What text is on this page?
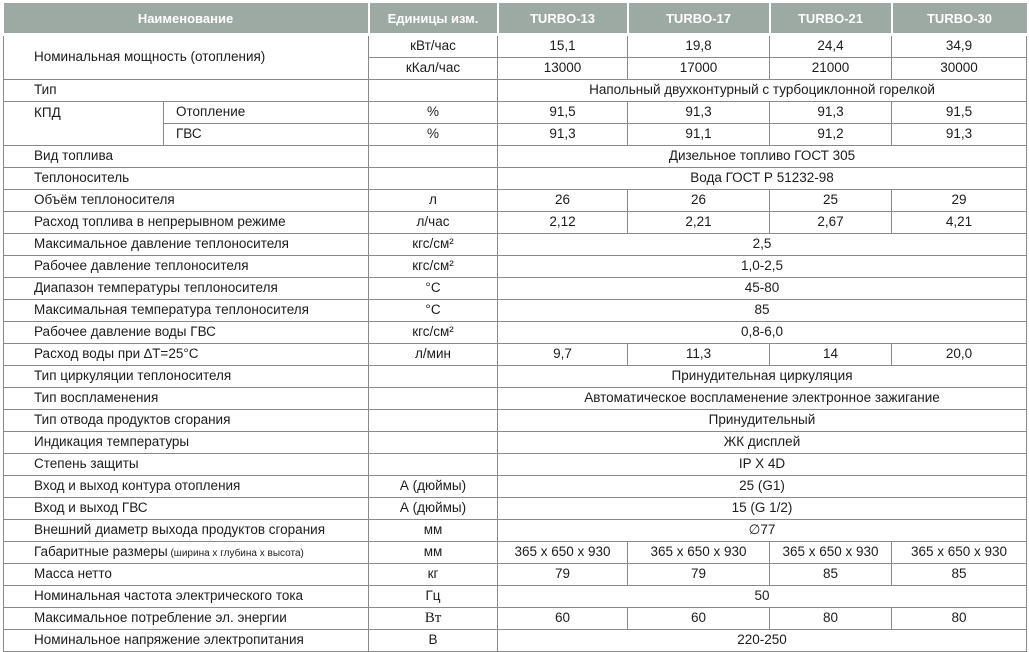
Наименование		Единицы изм.	TURBO-13	TURBO-17	TURBO-21	TURBO-30
Номинальная мощность (отопления)		кВт/час	15,1	19,8	24,4	34,9
		кКал/час	13000	17000	21000	30000
Тип			Напольный двухконтурный с турбоциклонной горелкой			
КПД	Отопление	%	91,5	91,3	91,3	91,5
	ГВС	%	91,3	91,1	91,2	91,3
Вид топлива			Дизельное топливо ГОСТ 305			
Теплоноситель			Вода ГОСТ Р 51232-98			
Объём теплоносителя		л	26	26	25	29
Расход топлива в непрерывном режиме		л/час	2,12	2,21	2,67	4,21
Максимальное давление теплоносителя		кгс/см²	2,5			
Рабочее давление теплоносителя		кгс/см²	1,0-2,5			
Диапазон температуры теплоносителя		°С	45-80			
Максимальная температура теплоносителя		°С	85			
Рабочее давление воды ГВС		кгс/см²	0,8-6,0			
Расход воды при ∆Т=25°С		л/мин	9,7	11,3	14	20,0
Тип циркуляции теплоносителя			Принудительная циркуляция			
Тип воспламенения			Автоматическое воспламенение электронное зажигание			
Тип отвода продуктов сгорания			Принудительный			
Индикация температуры			ЖК дисплей			
Степень защиты			IP X 4D			
Вход и выход контура отопления		А (дюймы)	25 (G1)			
Вход и выход ГВС		А (дюймы)	15 (G 1/2)			
Внешний диаметр выхода продуктов сгорания		мм	∅77			
Габаритные размеры (ширина х глубина х высота)		мм	365 x 650 x 930	365 x 650 x 930	365 x 650 x 930	365 x 650 x 930
Масса нетто		кг	79	79	85	85
Номинальная частота электрического тока		Гц	50			
Максимальное потребление эл. энергии		Вт	60	60	80	80
Номинальное напряжение электропитания		В	220-250			
